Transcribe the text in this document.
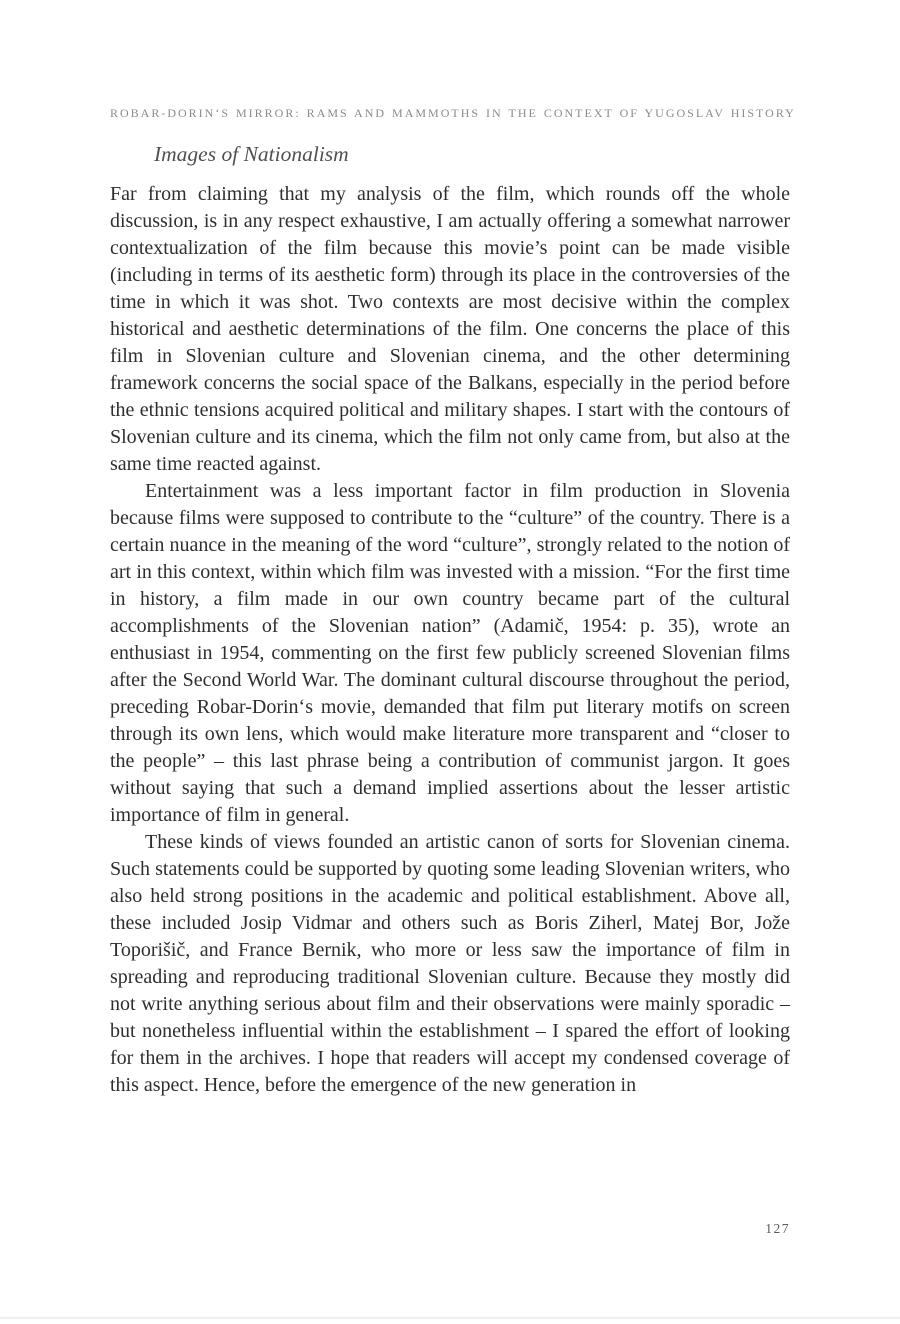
ROBAR-DORIN‘S MIRROR: RAMS AND MAMMOTHS IN THE CONTEXT OF YUGOSLAV HISTORY
Images of Nationalism

Far from claiming that my analysis of the film, which rounds off the whole discussion, is in any respect exhaustive, I am actually offering a somewhat narrower contextualization of the film because this movie’s point can be made visible (including in terms of its aesthetic form) through its place in the controversies of the time in which it was shot. Two contexts are most decisive within the complex historical and aesthetic determinations of the film. One concerns the place of this film in Slovenian culture and Slovenian cinema, and the other determining framework concerns the social space of the Balkans, especially in the period before the ethnic tensions acquired political and military shapes. I start with the contours of Slovenian culture and its cinema, which the film not only came from, but also at the same time reacted against.

Entertainment was a less important factor in film production in Slovenia because films were supposed to contribute to the “culture” of the country. There is a certain nuance in the meaning of the word “culture”, strongly related to the notion of art in this context, within which film was invested with a mission. “For the first time in history, a film made in our own country became part of the cultural accomplishments of the Slovenian nation” (Adamič, 1954: p. 35), wrote an enthusiast in 1954, commenting on the first few publicly screened Slovenian films after the Second World War. The dominant cultural discourse throughout the period, preceding Robar-Dorin‘s movie, demanded that film put literary motifs on screen through its own lens, which would make literature more transparent and “closer to the people” – this last phrase being a contribution of communist jargon. It goes without saying that such a demand implied assertions about the lesser artistic importance of film in general.

These kinds of views founded an artistic canon of sorts for Slovenian cinema. Such statements could be supported by quoting some leading Slovenian writers, who also held strong positions in the academic and political establishment. Above all, these included Josip Vidmar and others such as Boris Ziherl, Matej Bor, Jože Toporišič, and France Bernik, who more or less saw the importance of film in spreading and reproducing traditional Slovenian culture. Because they mostly did not write anything serious about film and their observations were mainly sporadic – but nonetheless influential within the establishment – I spared the effort of looking for them in the archives. I hope that readers will accept my condensed coverage of this aspect. Hence, before the emergence of the new generation in

127
